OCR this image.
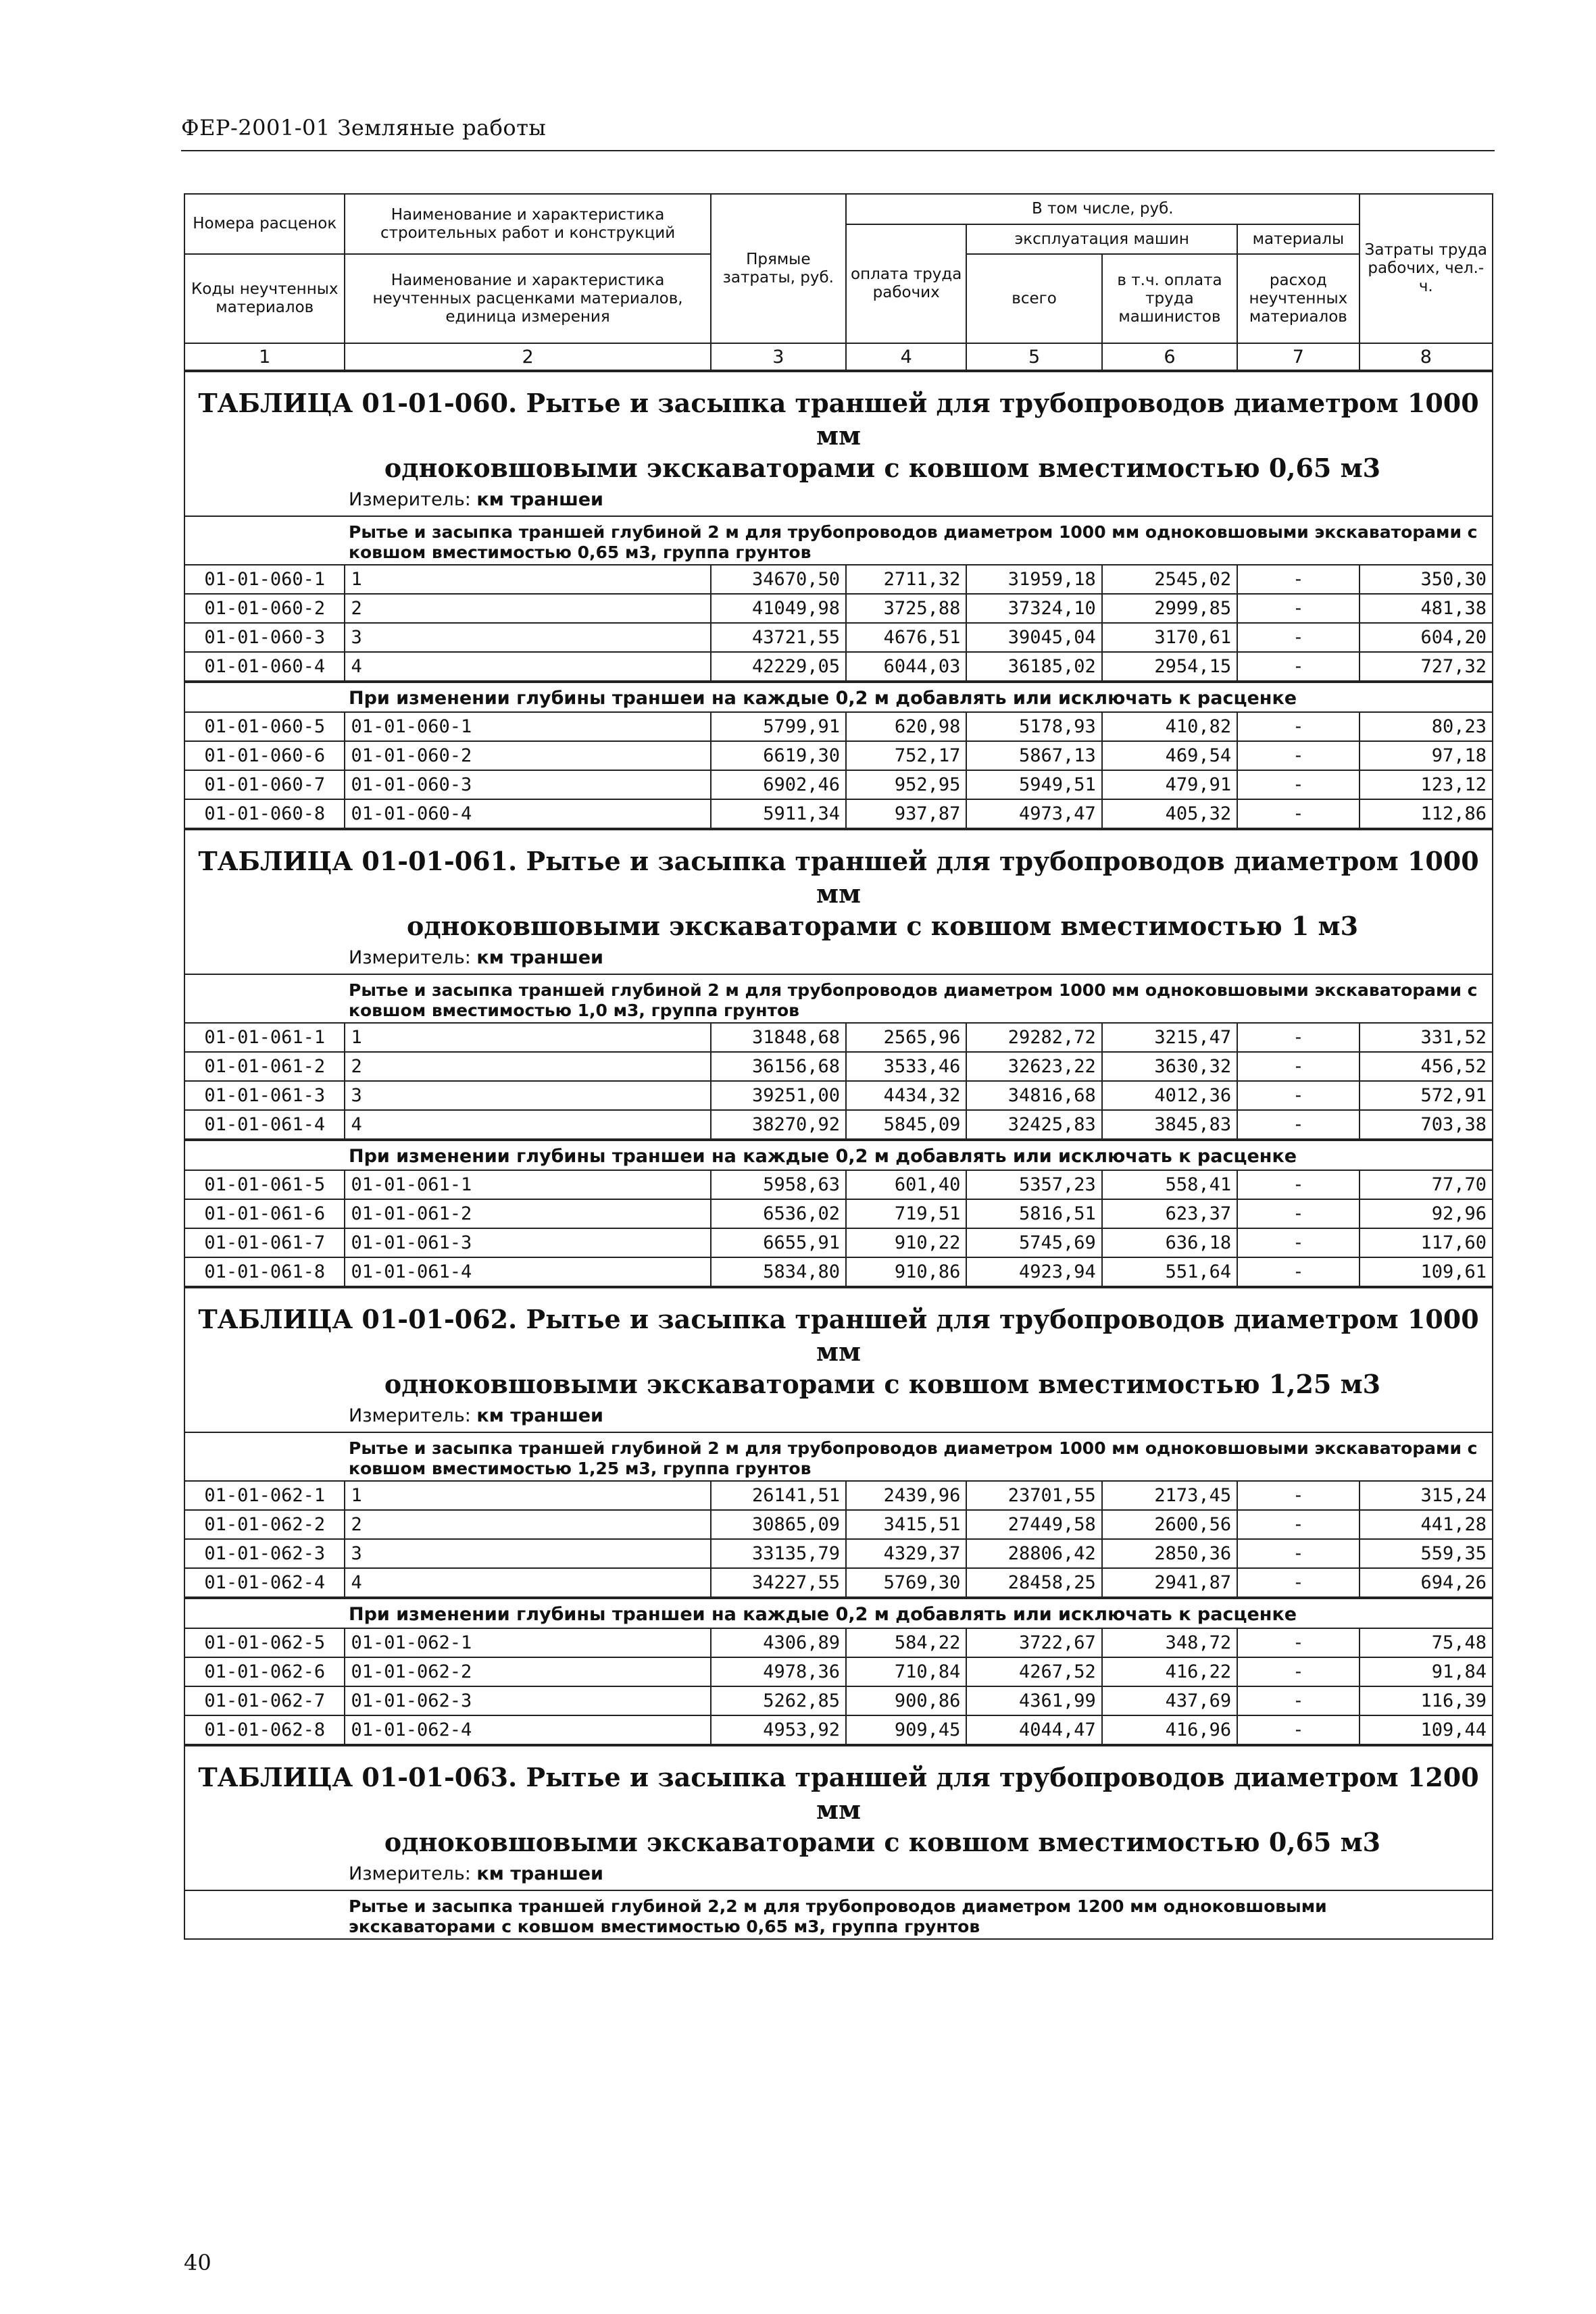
ФЕР-2001-01 Земляные работы
Номера расценок	Наименование и характеристика строительных работ и конструкций	Прямые затраты, руб.	В том числе, руб.				Затраты труда рабочих, чел.-ч.
			оплата труда рабочих	эксплуатация машин		материалы	
Коды неучтенных материалов	Наименование и характеристика неучтенных расценками материалов, единица измерения			всего	в т.ч. оплата труда машинистов	расход неучтенных материалов	

1	2	3	4	5	6	7	8
ТАБЛИЦА 01-01-060. Рытье и засыпка траншей для трубопроводов диаметром 1000 мм
одноковшовыми экскаваторами с ковшом вместимостью 0,65 м3
Измеритель: км траншеи
Рытье и засыпка траншей глубиной 2 м для трубопроводов диаметром 1000 мм одноковшовыми экскаваторами с ковшом вместимостью 0,65 м3, группа грунтов
01-01-060-1	1	34670,50	2711,32	31959,18	2545,02	-	350,30
01-01-060-2	2	41049,98	3725,88	37324,10	2999,85	-	481,38
01-01-060-3	3	43721,55	4676,51	39045,04	3170,61	-	604,20
01-01-060-4	4	42229,05	6044,03	36185,02	2954,15	-	727,32
При изменении глубины траншеи на каждые 0,2 м добавлять или исключать к расценке
01-01-060-5	01-01-060-1	5799,91	620,98	5178,93	410,82	-	80,23
01-01-060-6	01-01-060-2	6619,30	752,17	5867,13	469,54	-	97,18
01-01-060-7	01-01-060-3	6902,46	952,95	5949,51	479,91	-	123,12
01-01-060-8	01-01-060-4	5911,34	937,87	4973,47	405,32	-	112,86
ТАБЛИЦА 01-01-061. Рытье и засыпка траншей для трубопроводов диаметром 1000 мм
одноковшовыми экскаваторами с ковшом вместимостью 1 м3
Измеритель: км траншеи
Рытье и засыпка траншей глубиной 2 м для трубопроводов диаметром 1000 мм одноковшовыми экскаваторами с ковшом вместимостью 1,0 м3, группа грунтов
01-01-061-1	1	31848,68	2565,96	29282,72	3215,47	-	331,52
01-01-061-2	2	36156,68	3533,46	32623,22	3630,32	-	456,52
01-01-061-3	3	39251,00	4434,32	34816,68	4012,36	-	572,91
01-01-061-4	4	38270,92	5845,09	32425,83	3845,83	-	703,38
При изменении глубины траншеи на каждые 0,2 м добавлять или исключать к расценке
01-01-061-5	01-01-061-1	5958,63	601,40	5357,23	558,41	-	77,70
01-01-061-6	01-01-061-2	6536,02	719,51	5816,51	623,37	-	92,96
01-01-061-7	01-01-061-3	6655,91	910,22	5745,69	636,18	-	117,60
01-01-061-8	01-01-061-4	5834,80	910,86	4923,94	551,64	-	109,61
ТАБЛИЦА 01-01-062. Рытье и засыпка траншей для трубопроводов диаметром 1000 мм
одноковшовыми экскаваторами с ковшом вместимостью 1,25 м3
Измеритель: км траншеи
Рытье и засыпка траншей глубиной 2 м для трубопроводов диаметром 1000 мм одноковшовыми экскаваторами с ковшом вместимостью 1,25 м3, группа грунтов
01-01-062-1	1	26141,51	2439,96	23701,55	2173,45	-	315,24
01-01-062-2	2	30865,09	3415,51	27449,58	2600,56	-	441,28
01-01-062-3	3	33135,79	4329,37	28806,42	2850,36	-	559,35
01-01-062-4	4	34227,55	5769,30	28458,25	2941,87	-	694,26
При изменении глубины траншеи на каждые 0,2 м добавлять или исключать к расценке
01-01-062-5	01-01-062-1	4306,89	584,22	3722,67	348,72	-	75,48
01-01-062-6	01-01-062-2	4978,36	710,84	4267,52	416,22	-	91,84
01-01-062-7	01-01-062-3	5262,85	900,86	4361,99	437,69	-	116,39
01-01-062-8	01-01-062-4	4953,92	909,45	4044,47	416,96	-	109,44
ТАБЛИЦА 01-01-063. Рытье и засыпка траншей для трубопроводов диаметром 1200 мм
одноковшовыми экскаваторами с ковшом вместимостью 0,65 м3
Измеритель: км траншеи
Рытье и засыпка траншей глубиной 2,2 м для трубопроводов диаметром 1200 мм одноковшовыми экскаваторами с ковшом вместимостью 0,65 м3, группа грунтов
40
